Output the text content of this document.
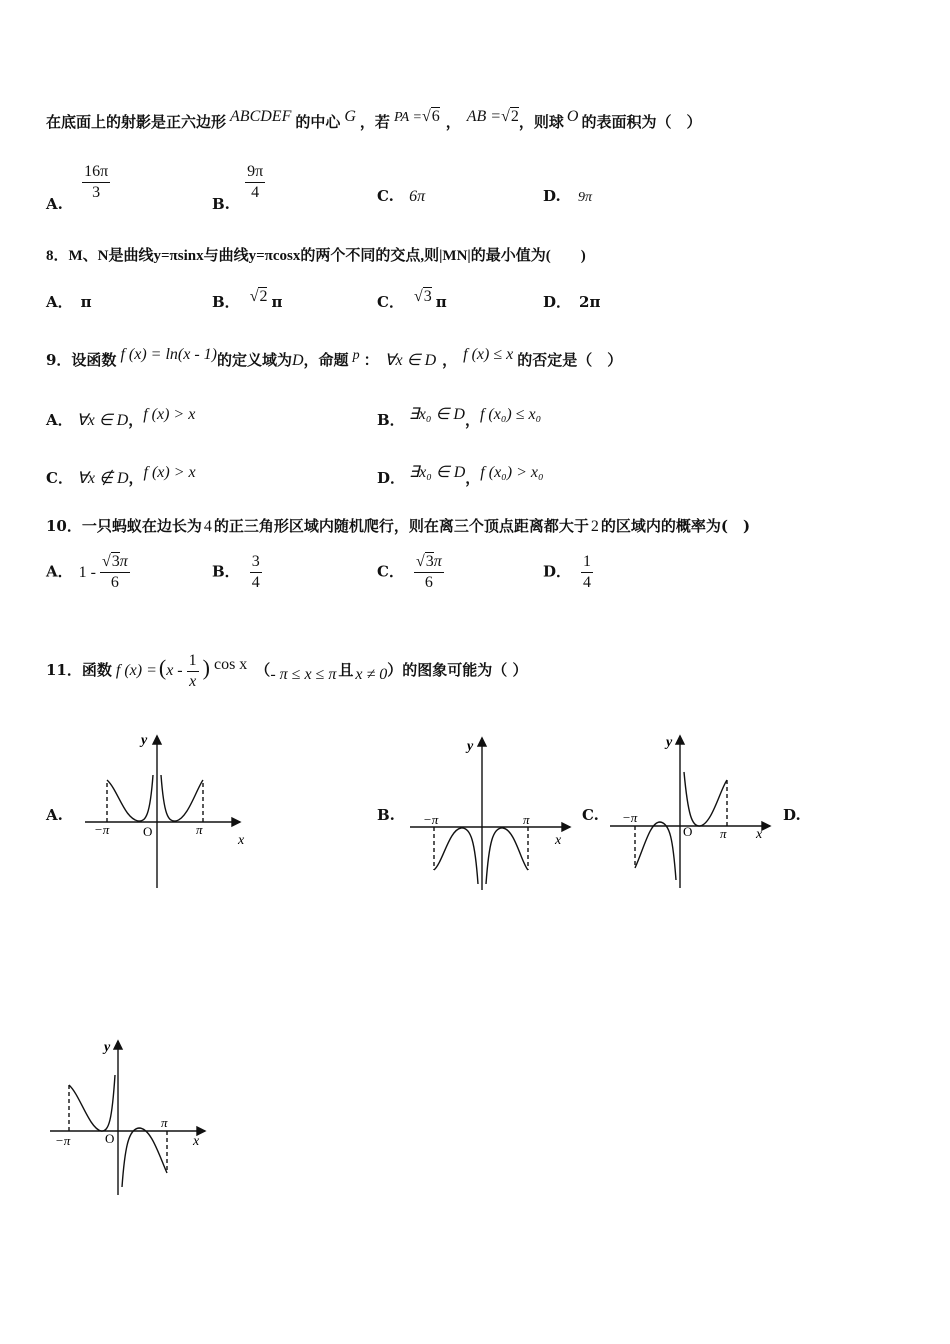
在底面上的射影是正六边形 ABCDEF 的中心 G ，若 PA =√6 ， AB =√2，则球 O 的表面积为（　）
A.
$\frac{16\pi}{3}$
B.
$\frac{9\pi}{4}$	C. 6π	D. 9π
8．M、N是曲线y=πsinx与曲线y=πcosx的两个不同的交点,则|MN|的最小值为(　　)
A． π	B． √2 π	C． √3 π	D． 2π
9．设函数 f (x) = ln(x - 1)的定义域为D，命题 p ： ∀x ∈ D ， f (x) ≤ x 的否定是（　）
A． ∀x ∈ D，f (x) > x	B． ∃x₀ ∈ D，f (x₀) ≤ x₀
C． ∀x ∉ D，f (x) > x	D． ∃x₀ ∈ D，f (x₀) > x₀
10．一只蚂蚁在边长为 4 的正三角形区域内随机爬行，则在离三个顶点距离都大于 2 的区域内的概率为(　)
A． $1 - \frac{√3\pi}{6}$	B． $\frac{3}{4}$	C． $\frac{√3\pi}{6}$	D． $\frac{1}{4}$
11．函数 f $(x) =(x - \frac{1}{x}$ ) cos x （- π ≤ x ≤ π 且 x ≠ 0）的图象可能为（ ）
A.	B.	C.	D.
y
x
O
−π	π
y
x
−π	π
y
x
O
−π
π
y
x
O
−π
π
